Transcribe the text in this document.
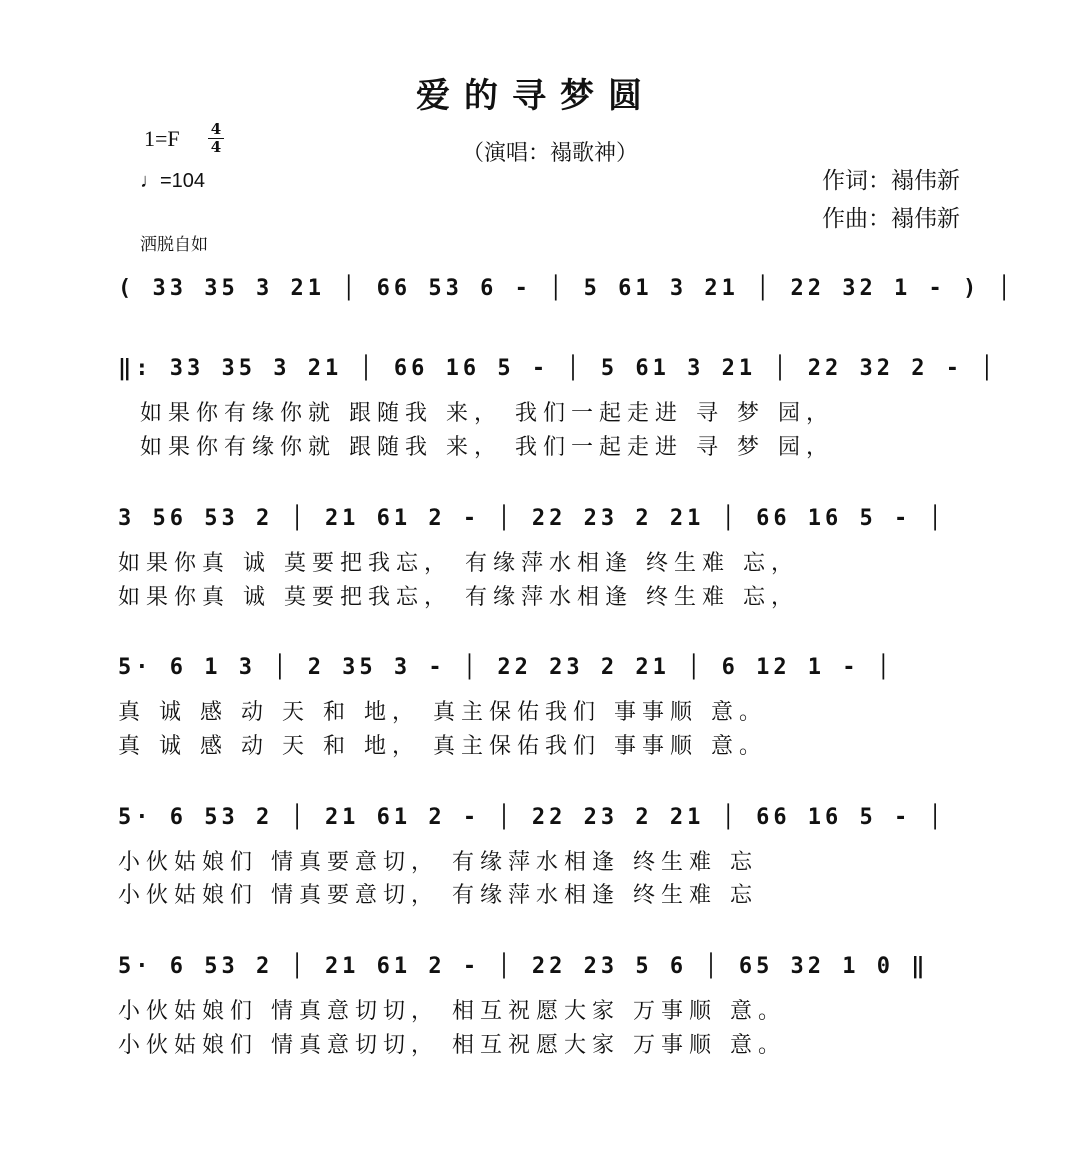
爱的寻梦圆
（演唱：褟歌神）
1=F 4
4
♩=104
洒脱自如
作词：褟伟新
作曲：褟伟新
( 33 35 3 21 │ 66 53 6 - │ 5 61 3 21 │ 22 32 1 - ) │
‖: 33 35 3 21 │ 66 16 5 - │ 5 61 3 21 │ 22 32 2 - │
如果你有缘你就 跟随我 来， 我们一起走进 寻 梦 园，
如果你有缘你就 跟随我 来， 我们一起走进 寻 梦 园，
3 56 53 2 │ 21 61 2 - │ 22 23 2 21 │ 66 16 5 - │
如果你真 诚 莫要把我忘， 有缘萍水相逢 终生难 忘，
如果你真 诚 莫要把我忘， 有缘萍水相逢 终生难 忘，
5· 6 1 3 │ 2 35 3 - │ 22 23 2 21 │ 6 12 1 - │
真 诚 感 动 天 和 地， 真主保佑我们 事事顺 意。
真 诚 感 动 天 和 地， 真主保佑我们 事事顺 意。
5· 6 53 2 │ 21 61 2 - │ 22 23 2 21 │ 66 16 5 - │
小伙姑娘们 情真要意切， 有缘萍水相逢 终生难 忘
小伙姑娘们 情真要意切， 有缘萍水相逢 终生难 忘
5· 6 53 2 │ 21 61 2 - │ 22 23 5 6 │ 65 32 1 0 ‖
小伙姑娘们 情真意切切， 相互祝愿大家 万事顺 意。
小伙姑娘们 情真意切切， 相互祝愿大家 万事顺 意。
